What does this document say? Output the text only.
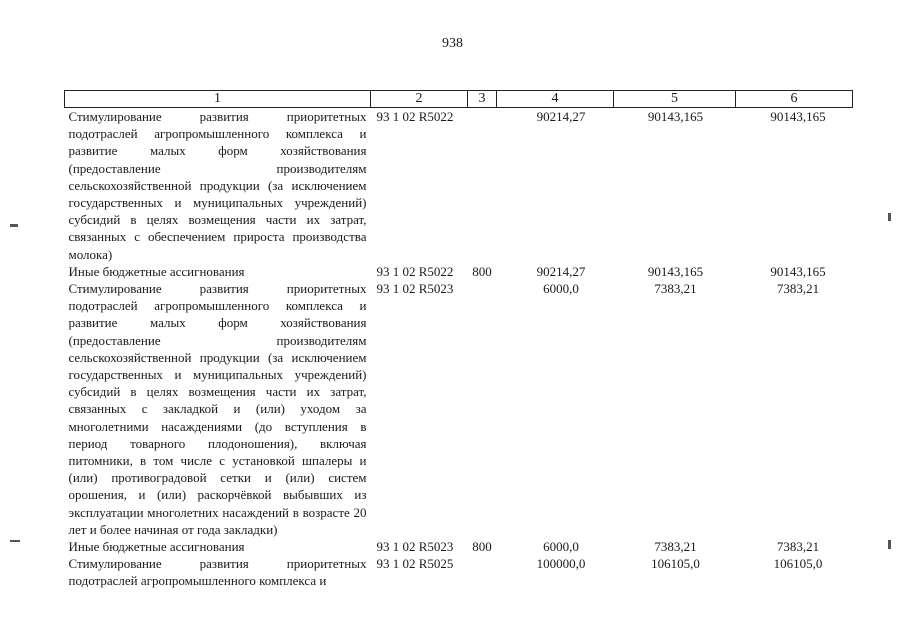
938
1	2	3	4	5	6
Стимулирование развития приоритетных подотраслей агропромышленного комплекса и развитие малых форм хозяйствования (предоставление производителям сельскохозяйственной продукции (за исключением государственных и муниципальных учреждений) субсидий в целях возмещения части их затрат, связанных с обеспечением прироста производства молока)	93 1 02 R5022		90214,27	90143,165	90143,165
Иные бюджетные ассигнования	93 1 02 R5022	800	90214,27	90143,165	90143,165
Стимулирование развития приоритетных подотраслей агропромышленного комплекса и развитие малых форм хозяйствования (предоставление производителям сельскохозяйственной продукции (за исключением государственных и муниципальных учреждений) субсидий в целях возмещения части их затрат, связанных с закладкой и (или) уходом за многолетними насаждениями (до вступления в период товарного плодоношения), включая питомники, в том числе с установкой шпалеры и (или) противоградовой сетки и (или) систем орошения, и (или) раскорчёвкой выбывших из эксплуатации многолетних насаждений в возрасте 20 лет и более начиная от года закладки)	93 1 02 R5023		6000,0	7383,21	7383,21
Иные бюджетные ассигнования	93 1 02 R5023	800	6000,0	7383,21	7383,21
Стимулирование развития приоритетных подотраслей агропромышленного комплекса и	93 1 02 R5025		100000,0	106105,0	106105,0
